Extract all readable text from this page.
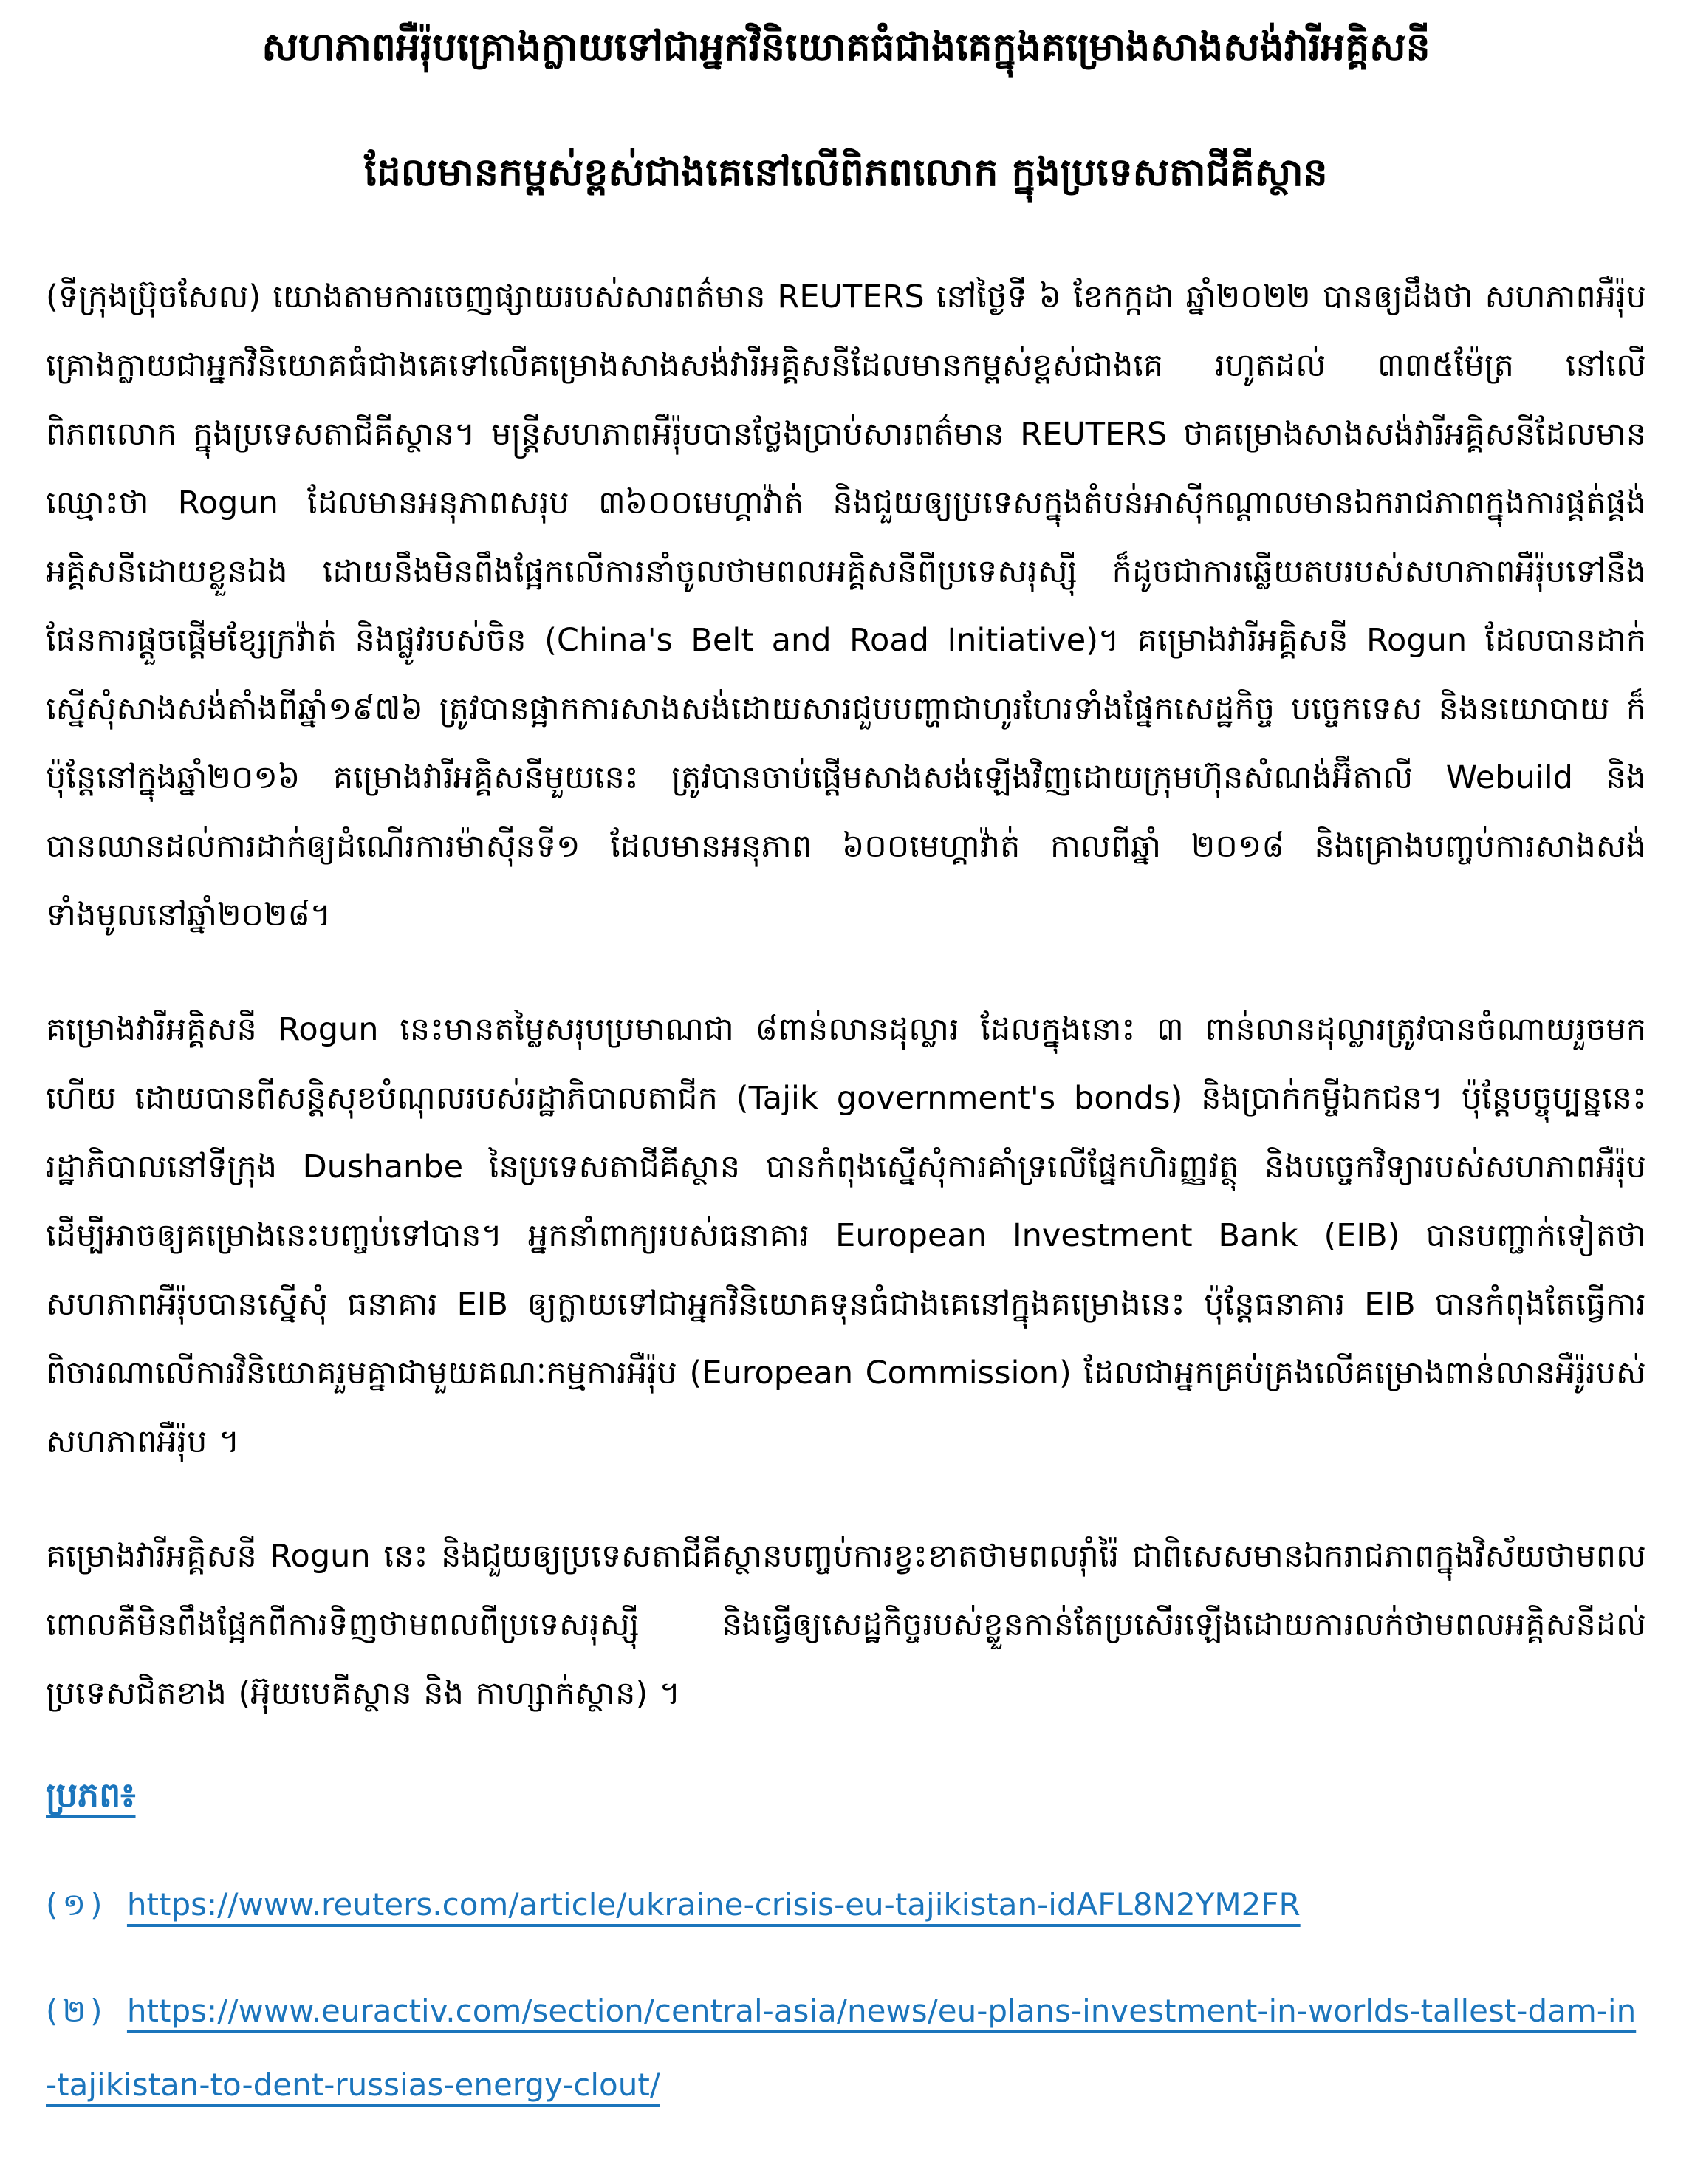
សហភាពអឺរ៉ុបគ្រោងក្លាយទៅជាអ្នកវិនិយោគធំជាងគេក្នុងគម្រោងសាងសង់វារីអគ្គិសនី
ដែលមានកម្ពស់ខ្ពស់ជាងគេនៅលើពិភពលោក ក្នុងប្រទេសតាជីគីស្ថាន

(ទីក្រុងប្រ៊ុចសែល) យោងតាមការចេញផ្សាយរបស់សារពត៌មាន REUTERS នៅថ្ងៃទី ៦ ខែកក្កដា ឆ្នាំ២០២២ បានឲ្យដឹងថា សហភាពអឺរ៉ុបគ្រោងក្លាយជាអ្នកវិនិយោគធំជាងគេទៅលើគម្រោងសាងសង់វារីអគ្គិសនីដែលមានកម្ពស់ខ្ពស់ជាងគេ រហូតដល់ ៣៣៥ម៉ែត្រ នៅលើពិភពលោក ក្នុងប្រទេសតាជីគីស្ថាន។ មន្ត្រីសហភាពអឺរ៉ុបបានថ្លែងប្រាប់សារពត៌មាន REUTERS ថាគម្រោងសាងសង់វារីអគ្គិសនីដែលមានឈ្មោះថា Rogun ដែលមានអនុភាពសរុប ៣៦០០មេហ្គាវ៉ាត់ និងជួយឲ្យប្រទេសក្នុងតំបន់អាស៊ីកណ្តាលមានឯករាជភាពក្នុងការផ្គត់ផ្គង់អគ្គិសនីដោយខ្លួនឯង ដោយនឹងមិនពឹងផ្អែកលើការនាំចូលថាមពលអគ្គិសនីពីប្រទេសរុស្ស៊ី ក៏ដូចជាការឆ្លើយតបរបស់សហភាពអឺរ៉ុបទៅនឹងផែនការផ្តួចផ្តើមខ្សែក្រវ៉ាត់ និងផ្លូវរបស់ចិន (China's Belt and Road Initiative)។ គម្រោងវារីអគ្គិសនី Rogun ដែលបានដាក់ស្នើសុំសាងសង់តាំងពីឆ្នាំ១៩៧៦ ត្រូវបានផ្អាកការសាងសង់ដោយសារជួបបញ្ហាជាហូរហែរទាំងផ្នែកសេដ្ឋកិច្ច បច្ចេកទេស និងនយោបាយ ក៏ប៉ុន្តែនៅក្នុងឆ្នាំ២០១៦ គម្រោងវារីអគ្គិសនីមួយនេះ ត្រូវបានចាប់ផ្តើមសាងសង់ឡើងវិញដោយក្រុមហ៊ុនសំណង់អ៊ីតាលី Webuild និងបានឈានដល់ការដាក់ឲ្យដំណើរការម៉ាស៊ីនទី១ ដែលមានអនុភាព ៦០០មេហ្គាវ៉ាត់ កាលពីឆ្នាំ ២០១៨ និងគ្រោងបញ្ចប់ការសាងសង់ទាំងមូលនៅឆ្នាំ២០២៨។

គម្រោងវារីអគ្គិសនី Rogun នេះមានតម្លៃសរុបប្រមាណជា ៨ពាន់លានដុល្លារ ដែលក្នុងនោះ ៣ ពាន់លានដុល្លារត្រូវបានចំណាយរួចមកហើយ ដោយបានពីសន្តិសុខបំណុលរបស់រដ្ឋាភិបាលតាជីក (Tajik government's bonds) និងប្រាក់កម្ចីឯកជន។ ប៉ុន្តែបច្ចុប្បន្ននេះ រដ្ឋាភិបាលនៅទីក្រុង Dushanbe នៃប្រទេសតាជីគីស្ថាន បានកំពុងស្នើសុំការគាំទ្រលើផ្នែកហិរញ្ញវត្ថុ និងបច្ចេកវិទ្យារបស់សហភាពអឺរ៉ុប ដើម្បីអាចឲ្យគម្រោងនេះបញ្ចប់ទៅបាន។ អ្នកនាំពាក្យរបស់ធនាគារ European Investment Bank (EIB) បានបញ្ជាក់ទៀតថា សហភាពអឺរ៉ុបបានស្នើសុំ ធនាគារ EIB ឲ្យក្លាយទៅជាអ្នកវិនិយោគទុនធំជាងគេនៅក្នុងគម្រោងនេះ ប៉ុន្តែធនាគារ EIB បានកំពុងតែធ្វើការពិចារណាលើការវិនិយោគរួមគ្នាជាមួយគណៈកម្មការអឺរ៉ុប (European Commission) ដែលជាអ្នកគ្រប់គ្រងលើគម្រោងពាន់លានអឺរ៉ូរបស់សហភាពអឺរ៉ុប ។

គម្រោងវារីអគ្គិសនី Rogun នេះ និងជួយឲ្យប្រទេសតាជីគីស្ថានបញ្ចប់ការខ្វះខាតថាមពលរ៉ាំរ៉ៃ ជាពិសេសមានឯករាជភាពក្នុងវិស័យថាមពលពោលគឺមិនពឹងផ្អែកពីការទិញថាមពលពីប្រទេសរុស្ស៊ី និងធ្វើឲ្យសេដ្ឋកិច្ចរបស់ខ្លួនកាន់តែប្រសើរឡើងដោយការលក់ថាមពលអគ្គិសនីដល់ប្រទេសជិតខាង (អ៊ុយបេគីស្ថាន និង កាហ្សាក់ស្ថាន) ។

ប្រភព៖
(១) https://www.reuters.com/article/ukraine-crisis-eu-tajikistan-idAFL8N2YM2FR
(២) https://www.euractiv.com/section/central-asia/news/eu-plans-investment-in-worlds-tallest-dam-in-tajikistan-to-dent-russias-energy-clout/
